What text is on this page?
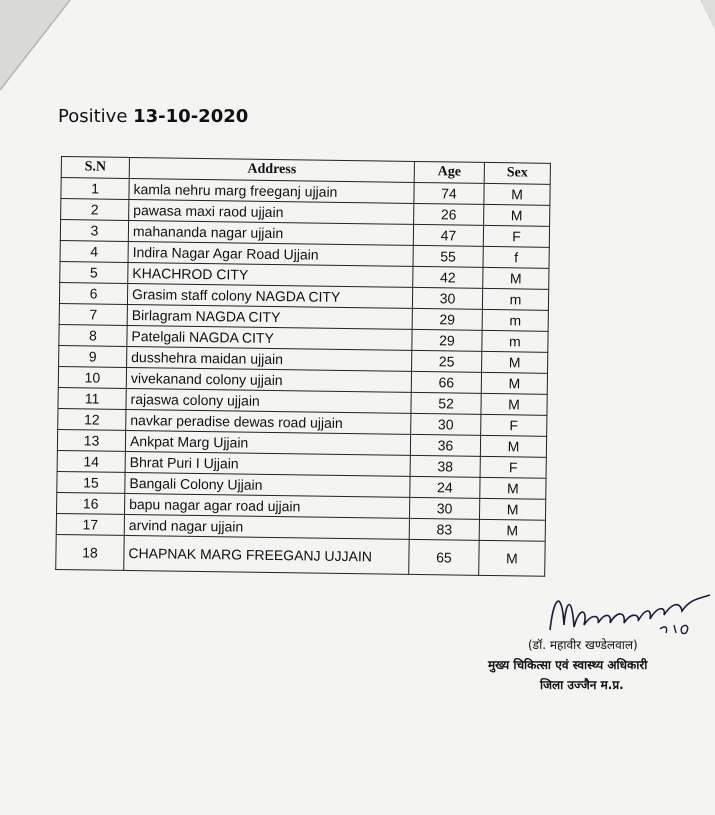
Positive 13-10-2020
S.N	Address	Age	Sex
1	kamla nehru marg freeganj ujjain	74	M
2	pawasa maxi raod ujjain	26	M
3	mahananda nagar ujjain	47	F
4	Indira Nagar Agar Road Ujjain	55	f
5	KHACHROD CITY	42	M
6	Grasim staff colony NAGDA CITY	30	m
7	Birlagram NAGDA CITY	29	m
8	Patelgali NAGDA CITY	29	m
9	dusshehra maidan ujjain	25	M
10	vivekanand colony ujjain	66	M
11	rajaswa colony ujjain	52	M
12	navkar peradise dewas road ujjain	30	F
13	Ankpat Marg Ujjain	36	M
14	Bhrat Puri I Ujjain	38	F
15	Bangali Colony Ujjain	24	M
16	bapu nagar agar road ujjain	30	M
17	arvind nagar ujjain	83	M
18	CHAPNAK MARG FREEGANJ UJJAIN	65	M
(डॉ. महावीर खण्डेलवाल)
मुख्य चिकित्सा एवं स्वास्थ्य अधिकारी
जिला उज्जैन म.प्र.
